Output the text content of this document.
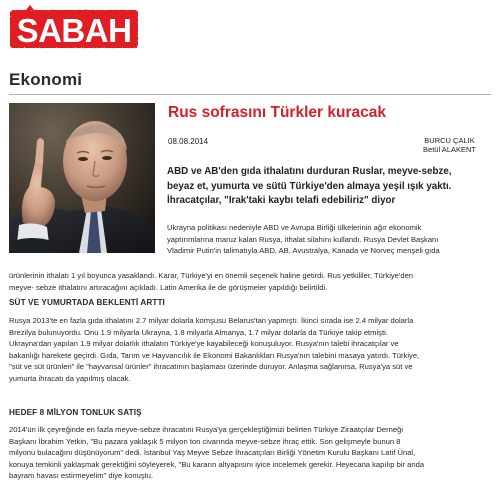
SABAH
Ekonomi
Rus sofrasını Türkler kuracak
08.08.2014	BURCU ÇALIK
Betül ALAKENT

ABD ve AB'den gıda ithalatını durduran Ruslar, meyve-sebze,
beyaz et, yumurta ve sütü Türkiye'den almaya yeşil ışık yaktı.
İhracatçılar, "Irak'taki kaybı telafi edebiliriz" diyor

Ukrayna politikası nedeniyle ABD ve Avrupa Birliği ülkelerinin ağır ekonomik
yaptırımlarına maruz kalan Rusya, ithalat silahını kullandı. Rusya Devlet Başkanı
Vladimir Putin'in talimatıyla ABD, AB, Avustralya, Kanada ve Norveç menşeli gıda

ürünlerinin ithalatı 1 yıl boyunca yasaklandı. Karar, Türkiye'yi en önemli seçenek haline getirdi. Rus yetkililer, Türkiye'den
meyve- sebze ithalatını artıracağını açıkladı. Latin Amerika ile de görüşmeler yapıldığı belirtildi.

SÜT VE YUMURTADA BEKLENTİ ARTTI

Rusya 2013'te en fazla gıda ithalatını 2.7 milyar dolarla komşusu Belarus'tan yapmıştı. İkinci sırada ise 2.4 milyar dolarla
Brezilya bulunuyordu. Onu 1.9 milyarla Ukrayna, 1.8 milyarla Almanya, 1.7 milyar dolarla da Türkiye takip etmişti.
Ukrayna'dan yapılan 1.9 milyar dolarlık ithalatın Türkiye'ye kayabileceği konuşuluyor. Rusya'nın talebi ihracatçılar ve
bakanlığı harekete geçirdi. Gıda, Tarım ve Hayvancılık ile Ekonomi Bakanlıkları Rusya'nın talebini masaya yatırdı. Türkiye,
"süt ve süt ürünleri" ile "hayvansal ürünler" ihracatının başlaması üzerinde duruyor. Anlaşma sağlanırsa, Rusya'ya süt ve
yumurta ihracatı da yapılmış olacak.

HEDEF 8 MİLYON TONLUK SATIŞ

2014'ün ilk çeyreğinde en fazla meyve-sebze ihracatını Rusya'ya gerçekleştiğimizi belirten Türkiye Ziraatçılar Derneği
Başkanı İbrahim Yetkin, "Bu pazara yaklaşık 5 milyon ton civarında meyve-sebze ihraç ettik. Son gelişmeyle bunun 8
milyonu bulacağını düşünüyorum" dedi. İstanbul Yaş Meyve Sebze İhracatçıları Birliği Yönetim Kurulu Başkanı Latif Ünal,
konuya temkinli yaklaşmak gerektiğini söyleyerek, "Bu kararın altyapısını iyice incelemek gerekir. Heyecana kapılıp bir anda
bayram havası estirmeyelim" diye konuştu.
